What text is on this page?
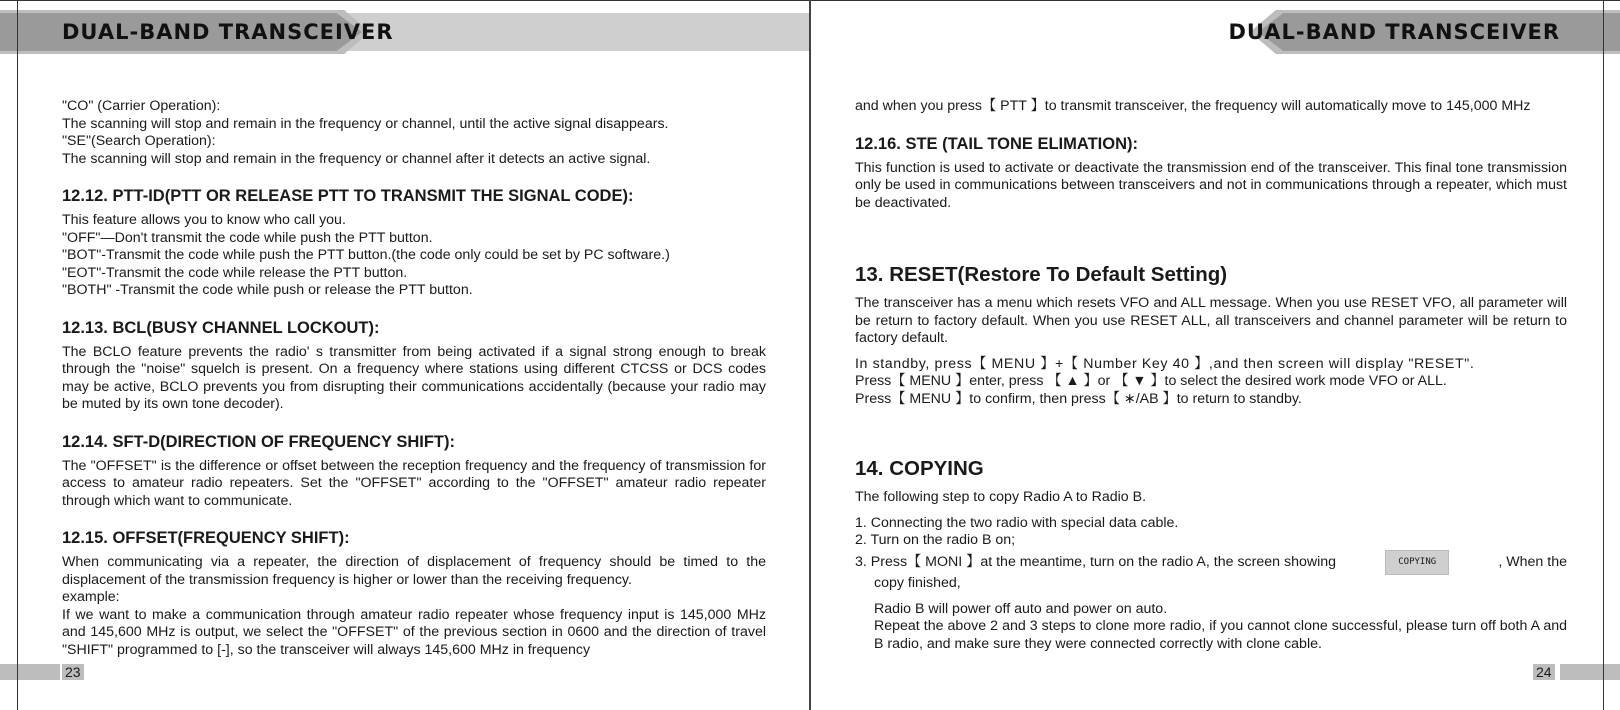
DUAL-BAND TRANSCEIVER

"CO" (Carrier Operation):

The scanning will stop and remain in the frequency or channel, until the active signal disappears.

"SE"(Search Operation):

The scanning will stop and remain in the frequency or channel after it detects an active signal.

12.12. PTT-ID(PTT OR RELEASE PTT TO TRANSMIT THE SIGNAL CODE):

This feature allows you to know who call you.

"OFF"—Don't transmit the code while push the PTT button.

"BOT"-Transmit the code while push the PTT button.(the code only could be set by PC software.)

"EOT"-Transmit the code while release the PTT button.

"BOTH" -Transmit the code while push or release the PTT button.

12.13. BCL(BUSY CHANNEL LOCKOUT):

The BCLO feature prevents the radio' s transmitter from being activated if a signal strong enough to break through the "noise" squelch is present. On a frequency where stations using different CTCSS or DCS codes may be active, BCLO prevents you from disrupting their communications accidentally (because your radio may be muted by its own tone decoder).

12.14. SFT-D(DIRECTION OF FREQUENCY SHIFT):

The "OFFSET" is the difference or offset between the reception frequency and the frequency of transmission for access to amateur radio repeaters. Set the "OFFSET" according to the "OFFSET" amateur radio repeater through which want to communicate.

12.15. OFFSET(FREQUENCY SHIFT):

When communicating via a repeater, the direction of displacement of frequency should be timed to the displacement of the transmission frequency is higher or lower than the receiving frequency.

example:

If we want to make a communication through amateur radio repeater whose frequency input is 145,000 MHz and 145,600 MHz is output, we select the "OFFSET" of the previous section in 0600 and the direction of travel "SHIFT" programmed to [-], so the transceiver will always 145,600 MHz in frequency

23
DUAL-BAND TRANSCEIVER

and when you press【 PTT 】to transmit transceiver, the frequency will automatically move to 145,000 MHz

12.16. STE (TAIL TONE ELIMATION):

This function is used to activate or deactivate the transmission end of the transceiver. This final tone transmission only be used in communications between transceivers and not in communications through a repeater, which must be deactivated.

13. RESET(Restore To Default Setting)

The transceiver has a menu which resets VFO and ALL message. When you use RESET VFO, all parameter will be return to factory default. When you use RESET ALL, all transceivers and channel parameter will be return to factory default.

In standby, press【 MENU 】+【 Number Key 40 】,and then screen will display "RESET".

Press【 MENU 】enter, press 【 ▲ 】or 【 ▼ 】to select the desired work mode VFO or ALL.

Press【 MENU 】to confirm, then press【 ∗/AB 】to return to standby.

14. COPYING

The following step to copy Radio A to Radio B.

1. Connecting the two radio with special data cable.

2. Turn on the radio B on;

3. Press【 MONI 】at the meantime, turn on the radio A, the screen showing	COPYING	, When the

copy finished,

Radio B will power off auto and power on auto.

Repeat the above 2 and 3 steps to clone more radio, if you cannot clone successful, please turn off both A and B radio, and make sure they were connected correctly with clone cable.

24
